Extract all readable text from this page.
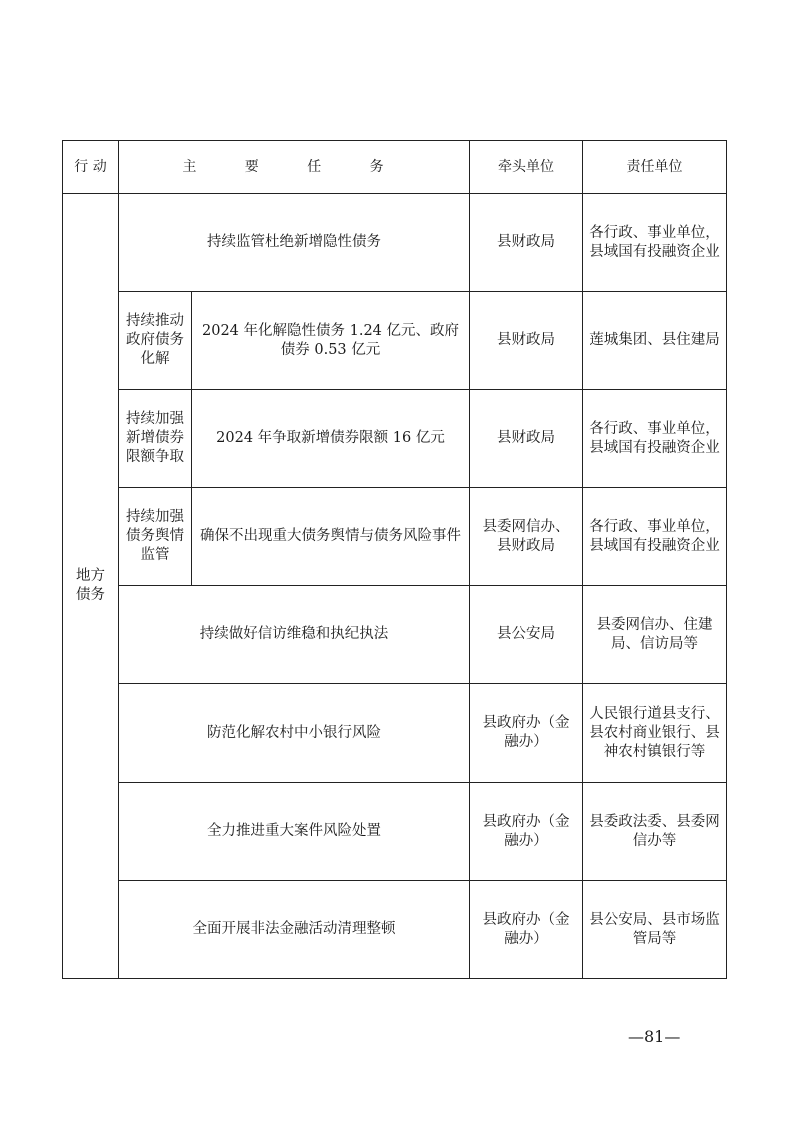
行 动	主 要 任 务		牵头单位	责任单位
地方债务	持续监管杜绝新增隐性债务		县财政局	各行政、事业单位，县域国有投融资企业
	持续推动政府债务化解	2024 年化解隐性债务 1.24 亿元、政府债券 0.53 亿元	县财政局	莲城集团、县住建局
	持续加强新增债券限额争取	2024 年争取新增债券限额 16 亿元	县财政局	各行政、事业单位，县域国有投融资企业
	持续加强债务舆情监管	确保不出现重大债务舆情与债务风险事件	县委网信办、县财政局	各行政、事业单位，县域国有投融资企业
	持续做好信访维稳和执纪执法		县公安局	县委网信办、住建局、信访局等
	防范化解农村中小银行风险		县政府办（金融办）	人民银行道县支行、县农村商业银行、县神农村镇银行等
	全力推进重大案件风险处置		县政府办（金融办）	县委政法委、县委网信办等
	全面开展非法金融活动清理整顿		县政府办（金融办）	县公安局、县市场监管局等
—81—
